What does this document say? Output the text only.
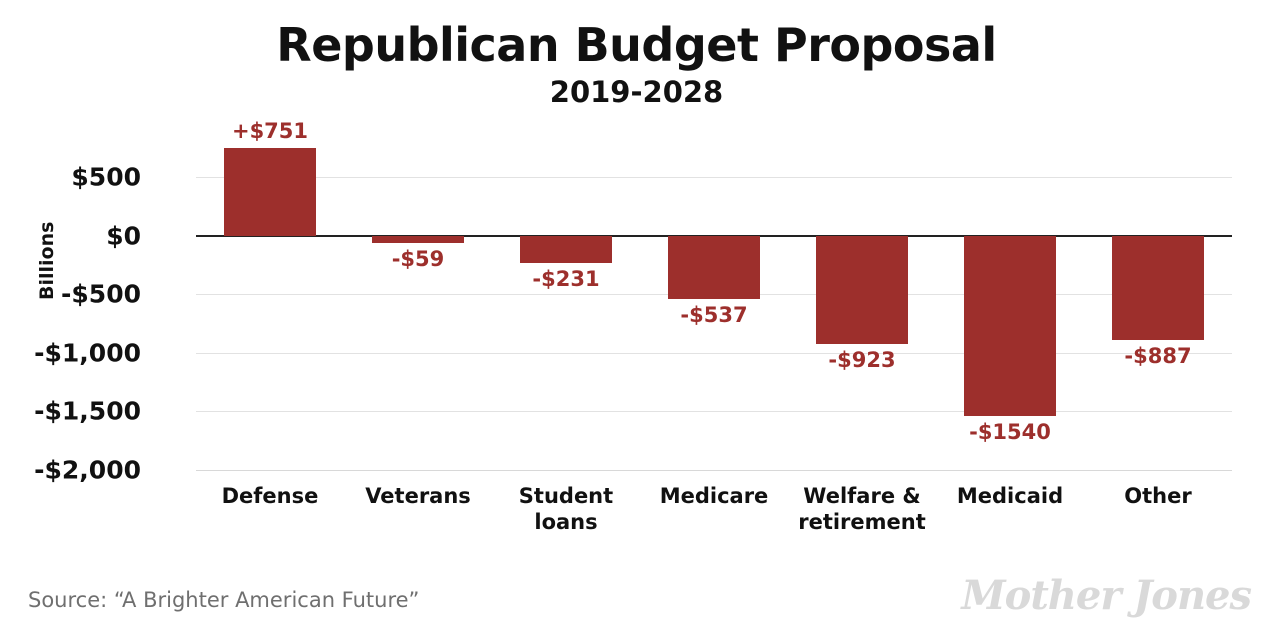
Republican Budget Proposal
2019-2028
Billions
$500
$0
-$500
-$1,000
-$1,500
-$2,000
+$751
Defense
-$59
Veterans
-$231
Student
loans
-$537
Medicare
-$923
Welfare &
retirement
-$1540
Medicaid
-$887
Other
Source: “A Brighter American Future”	Mother Jones
